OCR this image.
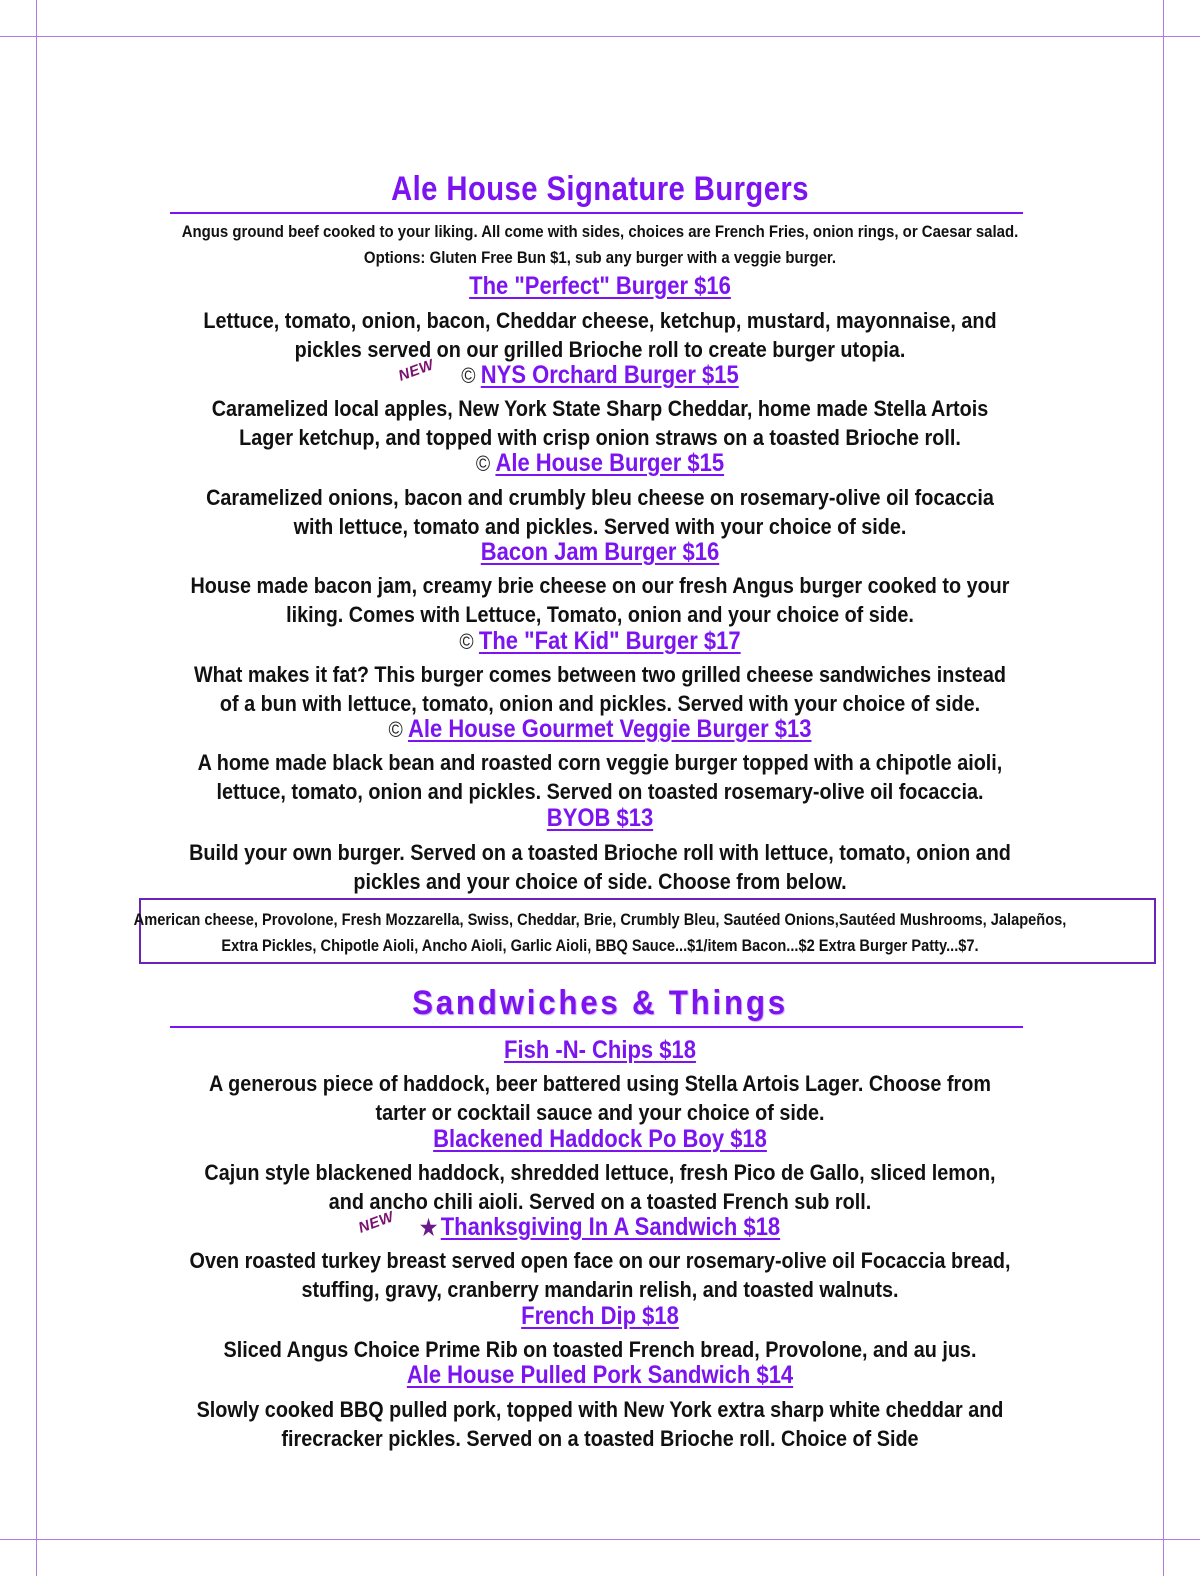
Ale House Signature Burgers
Angus ground beef cooked to your liking. All come with sides, choices are French Fries, onion rings, or Caesar salad.
Options: Gluten Free Bun $1, sub any burger with a veggie burger.
The "Perfect" Burger $16
Lettuce, tomato, onion, bacon, Cheddar cheese, ketchup, mustard, mayonnaise, and
pickles served on our grilled Brioche roll to create burger utopia.
NEW	© NYS Orchard Burger $15
Caramelized local apples, New York State Sharp Cheddar, home made Stella Artois
Lager ketchup, and topped with crisp onion straws on a toasted Brioche roll.
© Ale House Burger $15
Caramelized onions, bacon and crumbly bleu cheese on rosemary-olive oil focaccia
with lettuce, tomato and pickles. Served with your choice of side.
Bacon Jam Burger $16
House made bacon jam, creamy brie cheese on our fresh Angus burger cooked to your
liking. Comes with Lettuce, Tomato, onion and your choice of side.
© The "Fat Kid" Burger $17
What makes it fat? This burger comes between two grilled cheese sandwiches instead
of a bun with lettuce, tomato, onion and pickles. Served with your choice of side.
© Ale House Gourmet Veggie Burger $13
A home made black bean and roasted corn veggie burger topped with a chipotle aioli,
lettuce, tomato, onion and pickles. Served on toasted rosemary-olive oil focaccia.
BYOB $13
Build your own burger. Served on a toasted Brioche roll with lettuce, tomato, onion and
pickles and your choice of side. Choose from below.
American cheese, Provolone, Fresh Mozzarella, Swiss, Cheddar, Brie, Crumbly Bleu, Sautéed Onions,Sautéed Mushrooms, Jalapeños,
Extra Pickles, Chipotle Aioli, Ancho Aioli, Garlic Aioli, BBQ Sauce...$1/item Bacon...$2 Extra Burger Patty...$7.
Sandwiches & Things
Fish -N- Chips $18
A generous piece of haddock, beer battered using Stella Artois Lager. Choose from
tarter or cocktail sauce and your choice of side.
Blackened Haddock Po Boy $18
Cajun style blackened haddock, shredded lettuce, fresh Pico de Gallo, sliced lemon,
and ancho chili aioli. Served on a toasted French sub roll.
NEW	★ Thanksgiving In A Sandwich $18
Oven roasted turkey breast served open face on our rosemary-olive oil Focaccia bread,
stuffing, gravy, cranberry mandarin relish, and toasted walnuts.
French Dip $18
Sliced Angus Choice Prime Rib on toasted French bread, Provolone, and au jus.
Ale House Pulled Pork Sandwich $14
Slowly cooked BBQ pulled pork, topped with New York extra sharp white cheddar and
firecracker pickles. Served on a toasted Brioche roll. Choice of Side
